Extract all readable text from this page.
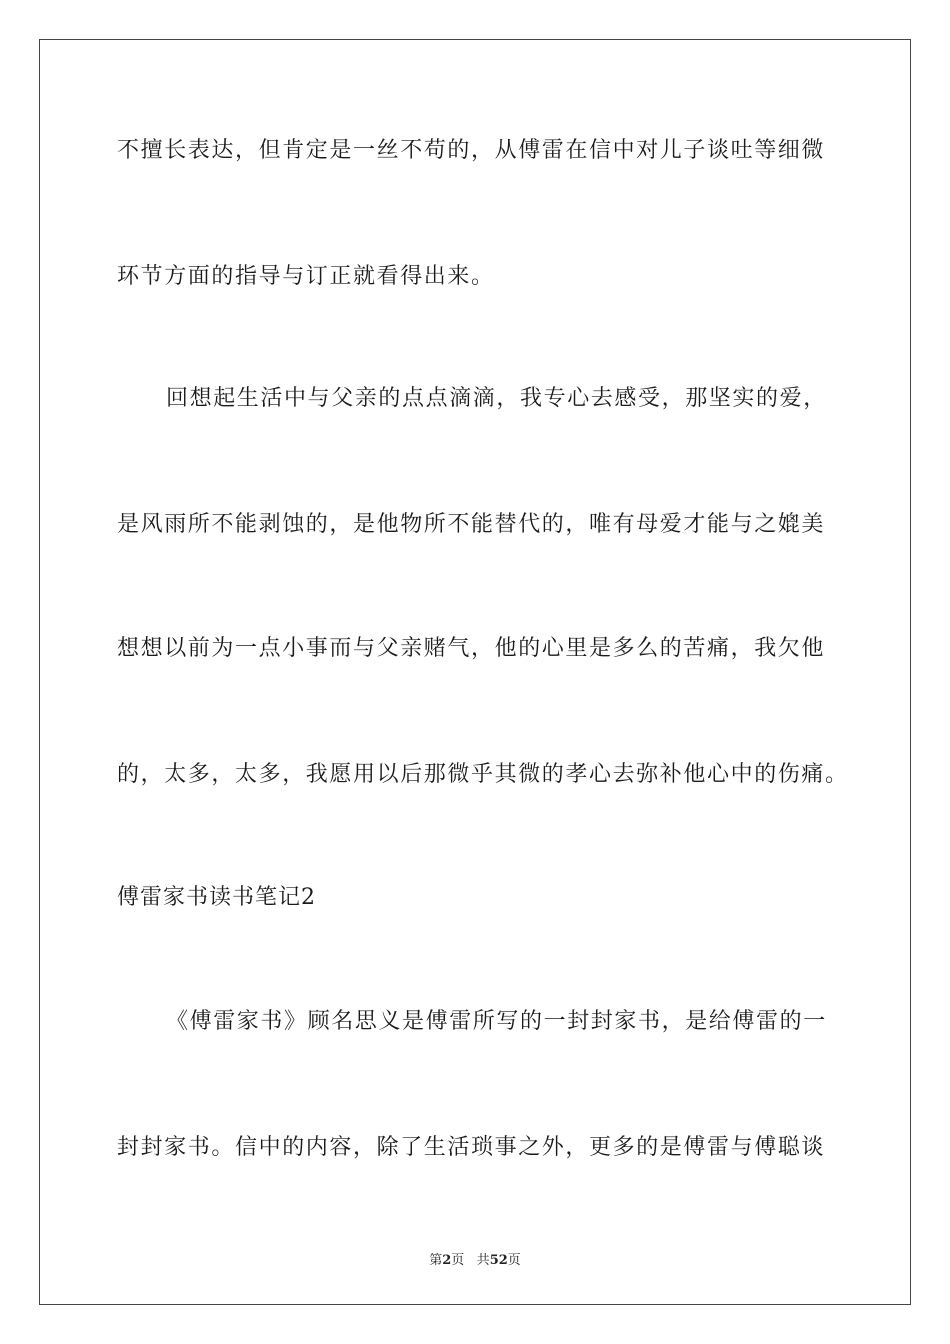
不擅长表达，但肯定是一丝不苟的，从傅雷在信中对儿子谈吐等细微
环节方面的指导与订正就看得出来。
回想起生活中与父亲的点点滴滴，我专心去感受，那坚实的爱，
是风雨所不能剥蚀的，是他物所不能替代的，唯有母爱才能与之媲美
想想以前为一点小事而与父亲赌气，他的心里是多么的苦痛，我欠他
的，太多，太多，我愿用以后那微乎其微的孝心去弥补他心中的伤痛。
傅雷家书读书笔记2
《傅雷家书》顾名思义是傅雷所写的一封封家书，是给傅雷的一
封封家书。信中的内容，除了生活琐事之外，更多的是傅雷与傅聪谈
第2页 共52页
